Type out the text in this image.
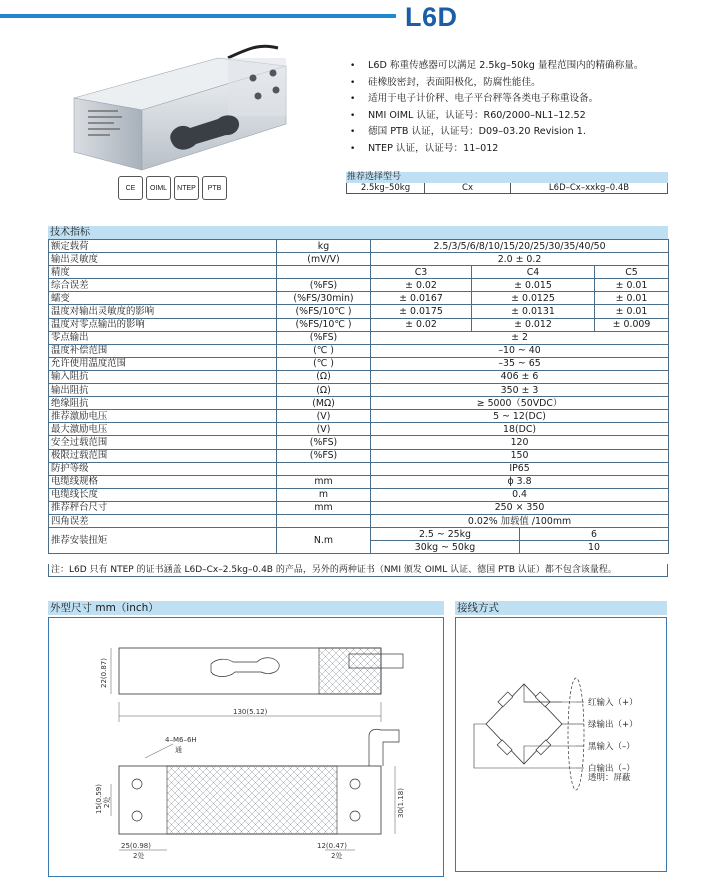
L6D
CE	OIML	NTEP	PTB
• L6D 称重传感器可以满足 2.5kg–50kg 量程范围内的精确称量。
• 硅橡胶密封，表面阳极化，防腐性能佳。
• 适用于电子计价秤、电子平台秤等各类电子称重设备。
• NMI OIML 认证，认证号：R60/2000–NL1–12.52
• 德国 PTB 认证，认证号：D09–03.20 Revision 1.
• NTEP 认证，认证号：11–012
推荐选择型号
2.5kg–50kg	Cx	L6D–Cx–xxkg–0.4B
技术指标
额定载荷	kg	2.5/3/5/6/8/10/15/20/25/30/35/40/50			
输出灵敏度	(mV/V)	2.0 ± 0.2			
精度		C3	C4		C5
综合误差	(%FS)	± 0.02	± 0.015		± 0.01
蠕变	(%FS/30min)	± 0.0167	± 0.0125		± 0.01
温度对输出灵敏度的影响	(%FS/10℃ )	± 0.0175	± 0.0131		± 0.01
温度对零点输出的影响	(%FS/10℃ )	± 0.02	± 0.012		± 0.009
零点输出	(%FS)	± 2			
温度补偿范围	(℃ )	–10 ~ 40			
允许使用温度范围	(℃ )	–35 ~ 65			
输入阻抗	(Ω)	406 ± 6			
输出阻抗	(Ω)	350 ± 3			
绝缘阻抗	(MΩ)	≥ 5000（50VDC）			
推荐激励电压	(V)	5 ~ 12(DC)			
最大激励电压	(V)	18(DC)			
安全过载范围	(%FS)	120			
极限过载范围	(%FS)	150			
防护等级		IP65			
电缆线规格	mm	ϕ 3.8			
电缆线长度	m	0.4			
推荐秤台尺寸	mm	250 × 350			
四角误差		0.02% 加载值 /100mm			
推荐安装扭矩	N.m	2.5 ~ 25kg		6	
		30kg ~ 50kg		10	
注：L6D 只有 NTEP 的证书涵盖 L6D–Cx–2.5kg–0.4B 的产品，另外的两种证书（NMI 颁发 OIML 认证、德国 PTB 认证）都不包含该量程。
外型尺寸 mm（inch）
130(5.12)
22(0.87)
4–M6–6H
通
15(0.59) 2处	30(1.18)
25(0.98)
2处
12(0.47)
2处
接线方式
红输入（+）
绿输出（+）
黑输入（–）
白输出（–）
透明：屏蔽
